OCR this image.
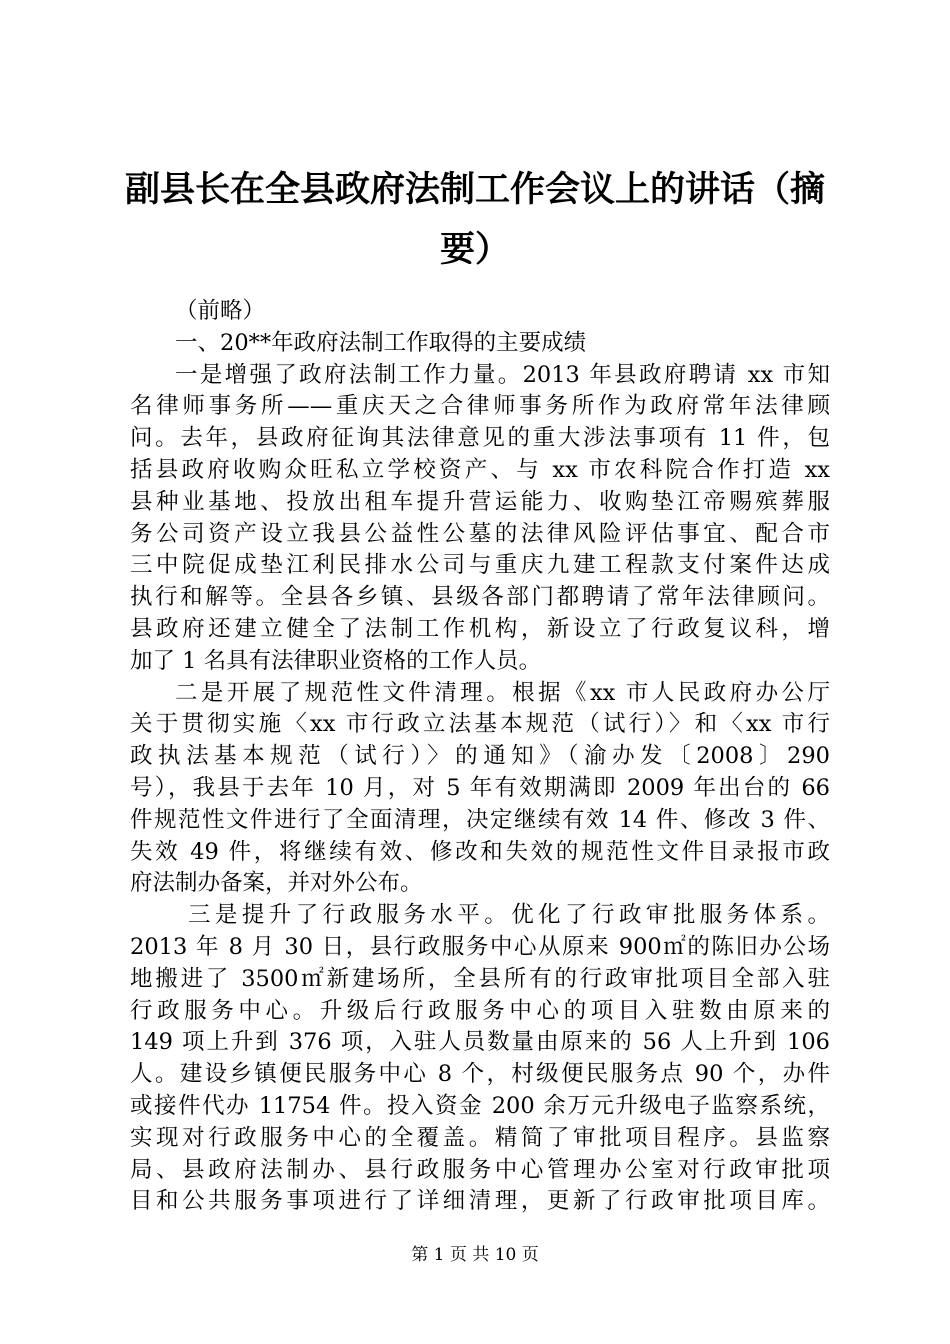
副县长在全县政府法制工作会议上的讲话（摘
要）
（前略）
一、20**年政府法制工作取得的主要成绩
一是增强了政府法制工作力量。2013 年县政府聘请 xx 市知
名律师事务所——重庆天之合律师事务所作为政府常年法律顾
问。去年，县政府征询其法律意见的重大涉法事项有 11 件，包
括县政府收购众旺私立学校资产、与 xx 市农科院合作打造 xx
县种业基地、投放出租车提升营运能力、收购垫江帝赐殡葬服
务公司资产设立我县公益性公墓的法律风险评估事宜、配合市
三中院促成垫江利民排水公司与重庆九建工程款支付案件达成
执行和解等。全县各乡镇、县级各部门都聘请了常年法律顾问。
县政府还建立健全了法制工作机构，新设立了行政复议科，增
加了 1 名具有法律职业资格的工作人员。
二是开展了规范性文件清理。根据《xx 市人民政府办公厅
关于贯彻实施〈xx 市行政立法基本规范（试行）〉和〈xx 市行
政执法基本规范（试行）〉的通知》（渝办发〔2008〕290
号），我县于去年 10 月，对 5 年有效期满即 2009 年出台的 66
件规范性文件进行了全面清理，决定继续有效 14 件、修改 3 件、
失效 49 件，将继续有效、修改和失效的规范性文件目录报市政
府法制办备案，并对外公布。
三是提升了行政服务水平。优化了行政审批服务体系。
2013 年 8 月 30 日，县行政服务中心从原来 900㎡的陈旧办公场
地搬进了 3500㎡新建场所，全县所有的行政审批项目全部入驻
行政服务中心。升级后行政服务中心的项目入驻数由原来的
149 项上升到 376 项，入驻人员数量由原来的 56 人上升到 106
人。建设乡镇便民服务中心 8 个，村级便民服务点 90 个，办件
或接件代办 11754 件。投入资金 200 余万元升级电子监察系统，
实现对行政服务中心的全覆盖。精简了审批项目程序。县监察
局、县政府法制办、县行政服务中心管理办公室对行政审批项
目和公共服务事项进行了详细清理，更新了行政审批项目库。
第 1 页 共 10 页
